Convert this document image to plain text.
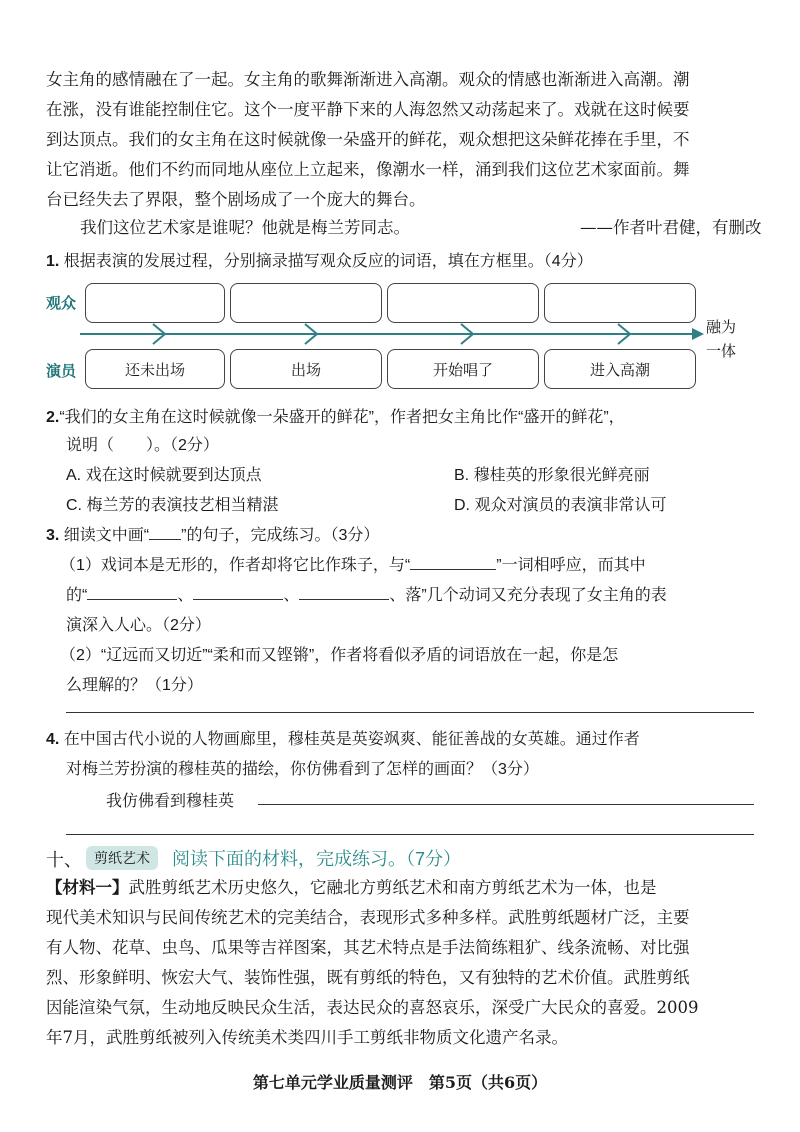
女主角的感情融在了一起。女主角的歌舞渐渐进入高潮。观众的情感也渐渐进入高潮。潮
在涨，没有谁能控制住它。这个一度平静下来的人海忽然又动荡起来了。戏就在这时候要
到达顶点。我们的女主角在这时候就像一朵盛开的鲜花，观众想把这朵鲜花捧在手里，不
让它消逝。他们不约而同地从座位上立起来，像潮水一样，涌到我们这位艺术家面前。舞
台已经失去了界限，整个剧场成了一个庞大的舞台。
我们这位艺术家是谁呢？他就是梅兰芳同志。	——作者叶君健，有删改
1. 根据表演的发展过程，分别摘录描写观众反应的词语，填在方框里。（4分）
观众
演员
融为
一体
还未出场	出场	开始唱了	进入高潮
2.“我们的女主角在这时候就像一朵盛开的鲜花”，作者把女主角比作“盛开的鲜花”，
说明（　　）。（2分）
A. 戏在这时候就要到达顶点	B. 穆桂英的形象很光鲜亮丽
C. 梅兰芳的表演技艺相当精湛	D. 观众对演员的表演非常认可
3. 细读文中画“ ”的句子，完成练习。（3分）
（1）戏词本是无形的，作者却将它比作珠子，与“	”一词相呼应，而其中
的“	、	、	、落”几个动词又充分表现了女主角的表
演深入人心。（2分）
（2）“辽远而又切近”“柔和而又铿锵”，作者将看似矛盾的词语放在一起，你是怎
么理解的？（1分）
4. 在中国古代小说的人物画廊里，穆桂英是英姿飒爽、能征善战的女英雄。通过作者
对梅兰芳扮演的穆桂英的描绘，你仿佛看到了怎样的画面？（3分）
我仿佛看到穆桂英
十、 剪纸艺术	阅读下面的材料，完成练习。（7分）
【材料一】武胜剪纸艺术历史悠久，它融北方剪纸艺术和南方剪纸艺术为一体，也是
现代美术知识与民间传统艺术的完美结合，表现形式多种多样。武胜剪纸题材广泛，主要
有人物、花草、虫鸟、瓜果等吉祥图案，其艺术特点是手法简练粗犷、线条流畅、对比强
烈、形象鲜明、恢宏大气、装饰性强，既有剪纸的特色，又有独特的艺术价值。武胜剪纸
因能渲染气氛，生动地反映民众生活，表达民众的喜怒哀乐，深受广大民众的喜爱。2009
年7月，武胜剪纸被列入传统美术类四川手工剪纸非物质文化遗产名录。
第七单元学业质量测评　第5页（共6页）
